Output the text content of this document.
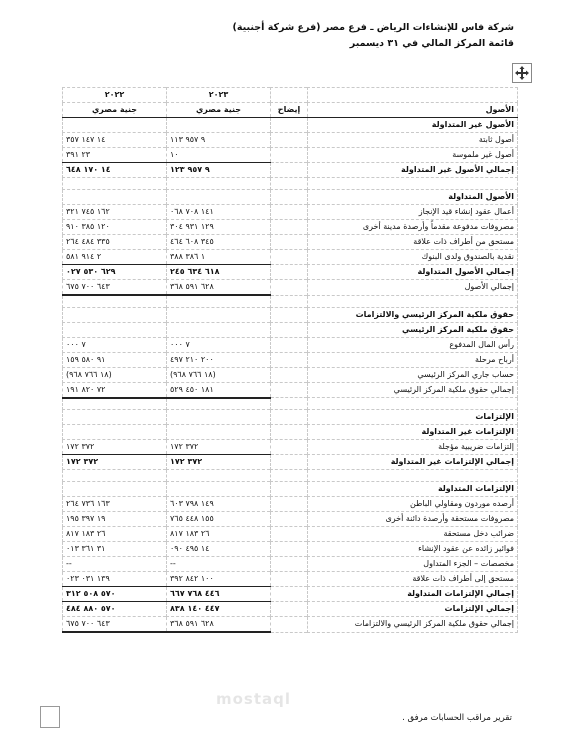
شركة فاس للإنشاءات الرياض ـ فرع مصر (فرع شركة أجنبية)
قائمة المركز المالي في ٣١ ديسمبر
		٢٠٢٣	٢٠٢٢
الأصول	إيضاح	جنية مصري	جنية مصري
الأصول غير المتداولة			
أصول ثابتة		٩ ٩٥٧ ١١٣	١٤ ١٤٧ ٣٥٧
أصول غير ملموسة		١٠	٢٣ ٣٩١
إجمالي الأصول غير المتداولة		٩ ٩٥٧ ١٢٣	١٤ ١٧٠ ٦٤٨

الأصول المتداولة			
أعمال عقود إنشاء قيد الإنجاز		١٤١ ٧٠٨ ٠٦٨	١٦٢ ٧٤٥ ٣٢١
مصروفات مدفوعة مقدماً وأرصدة مدينة أخرى		١٢٩ ٩٣١ ٣٠٤	١٢٠ ٣٨٥ ٩١٠
مستحق من أطراف ذات علاقة		٣٤٥ ٦٠٨ ٤٦٤	٣٣٥ ٤٨٤ ٢٦٤
نقدية بالصندوق ولدى البنوك		١ ٣٨٦ ٣٨٨	٢ ٩١٤ ٥٨١
إجمالي الأصول المتداولة		٦١٨ ٦٣٤ ٢٤٥	٦٢٩ ٥٣٠ ٠٢٧
إجمالي الأصول		٦٢٨ ٥٩١ ٣٦٨	٦٤٣ ٧٠٠ ٦٧٥

حقوق ملكية المركز الرئيسي والالتزامات			
حقوق ملكية المركز الرئيسي			
رأس المال المدفوع		٧ ٠٠٠	٧ ٠٠٠
أرباح مرحلة		٢٠٠ ٢١٠ ٤٩٧	٩١ ٥٨٠ ١٥٩
حساب جاري المركز الرئيسي		(١٨ ٧٦٦ ٩٦٨)	(١٨ ٧٦٦ ٩٦٨)
إجمالي حقوق ملكية المركز الرئيسي		١٨١ ٤٥٠ ٥٢٩	٧٢ ٨٢٠ ١٩١

الإلتزامات			
الإلتزامات غير المتداولة			
إلتزامات ضريبية مؤجلة		٣٧٢ ١٧٢	٣٧٢ ١٧٢
إجمالي الإلتزامات غير المتداولة		٣٧٢ ١٧٢	٣٧٢ ١٧٢

الإلتزامات المتداولة			
أرصده موردون ومقاولي الباطن		١٤٩ ٧٩٨ ٦٠٣	١٦٣ ٧٣٦ ٢٦٤
مصروفات مستحقة وأرصدة دائنة أخرى		١٥٥ ٤٤٨ ٧٦٥	١٩ ٣٩٧ ١٩٥
ضرائب دخل مستحقة		٢٦ ١٨٣ ٨١٧	٢٦ ١٨٣ ٨١٧
فوائير زائده عن عقود الإنشاء		١٤ ٤٩٥ ٠٩٠	٣١ ٣٦١ ٠١٣
مخصصات – الجزء المتداول		--	--
مستحق إلى أطراف ذات علاقة		١٠٠ ٨٤٢ ٣٩٢	١٣٩ ٠٣١ ٠٢٣
إجمالي الإلتزامات المتداولة		٤٤٦ ٧٦٨ ٦٦٧	٥٧٠ ٥٠٨ ٣١٢
إجمالي الإلتزامات		٤٤٧ ١٤٠ ٨٣٨	٥٧٠ ٨٨٠ ٤٨٤
إجمالي حقوق ملكية المركز الرئيسي والالتزامات		٦٢٨ ٥٩١ ٣٦٨	٦٤٣ ٧٠٠ ٦٧٥
mostaql
تقرير مراقب الحسابات مرفق .
